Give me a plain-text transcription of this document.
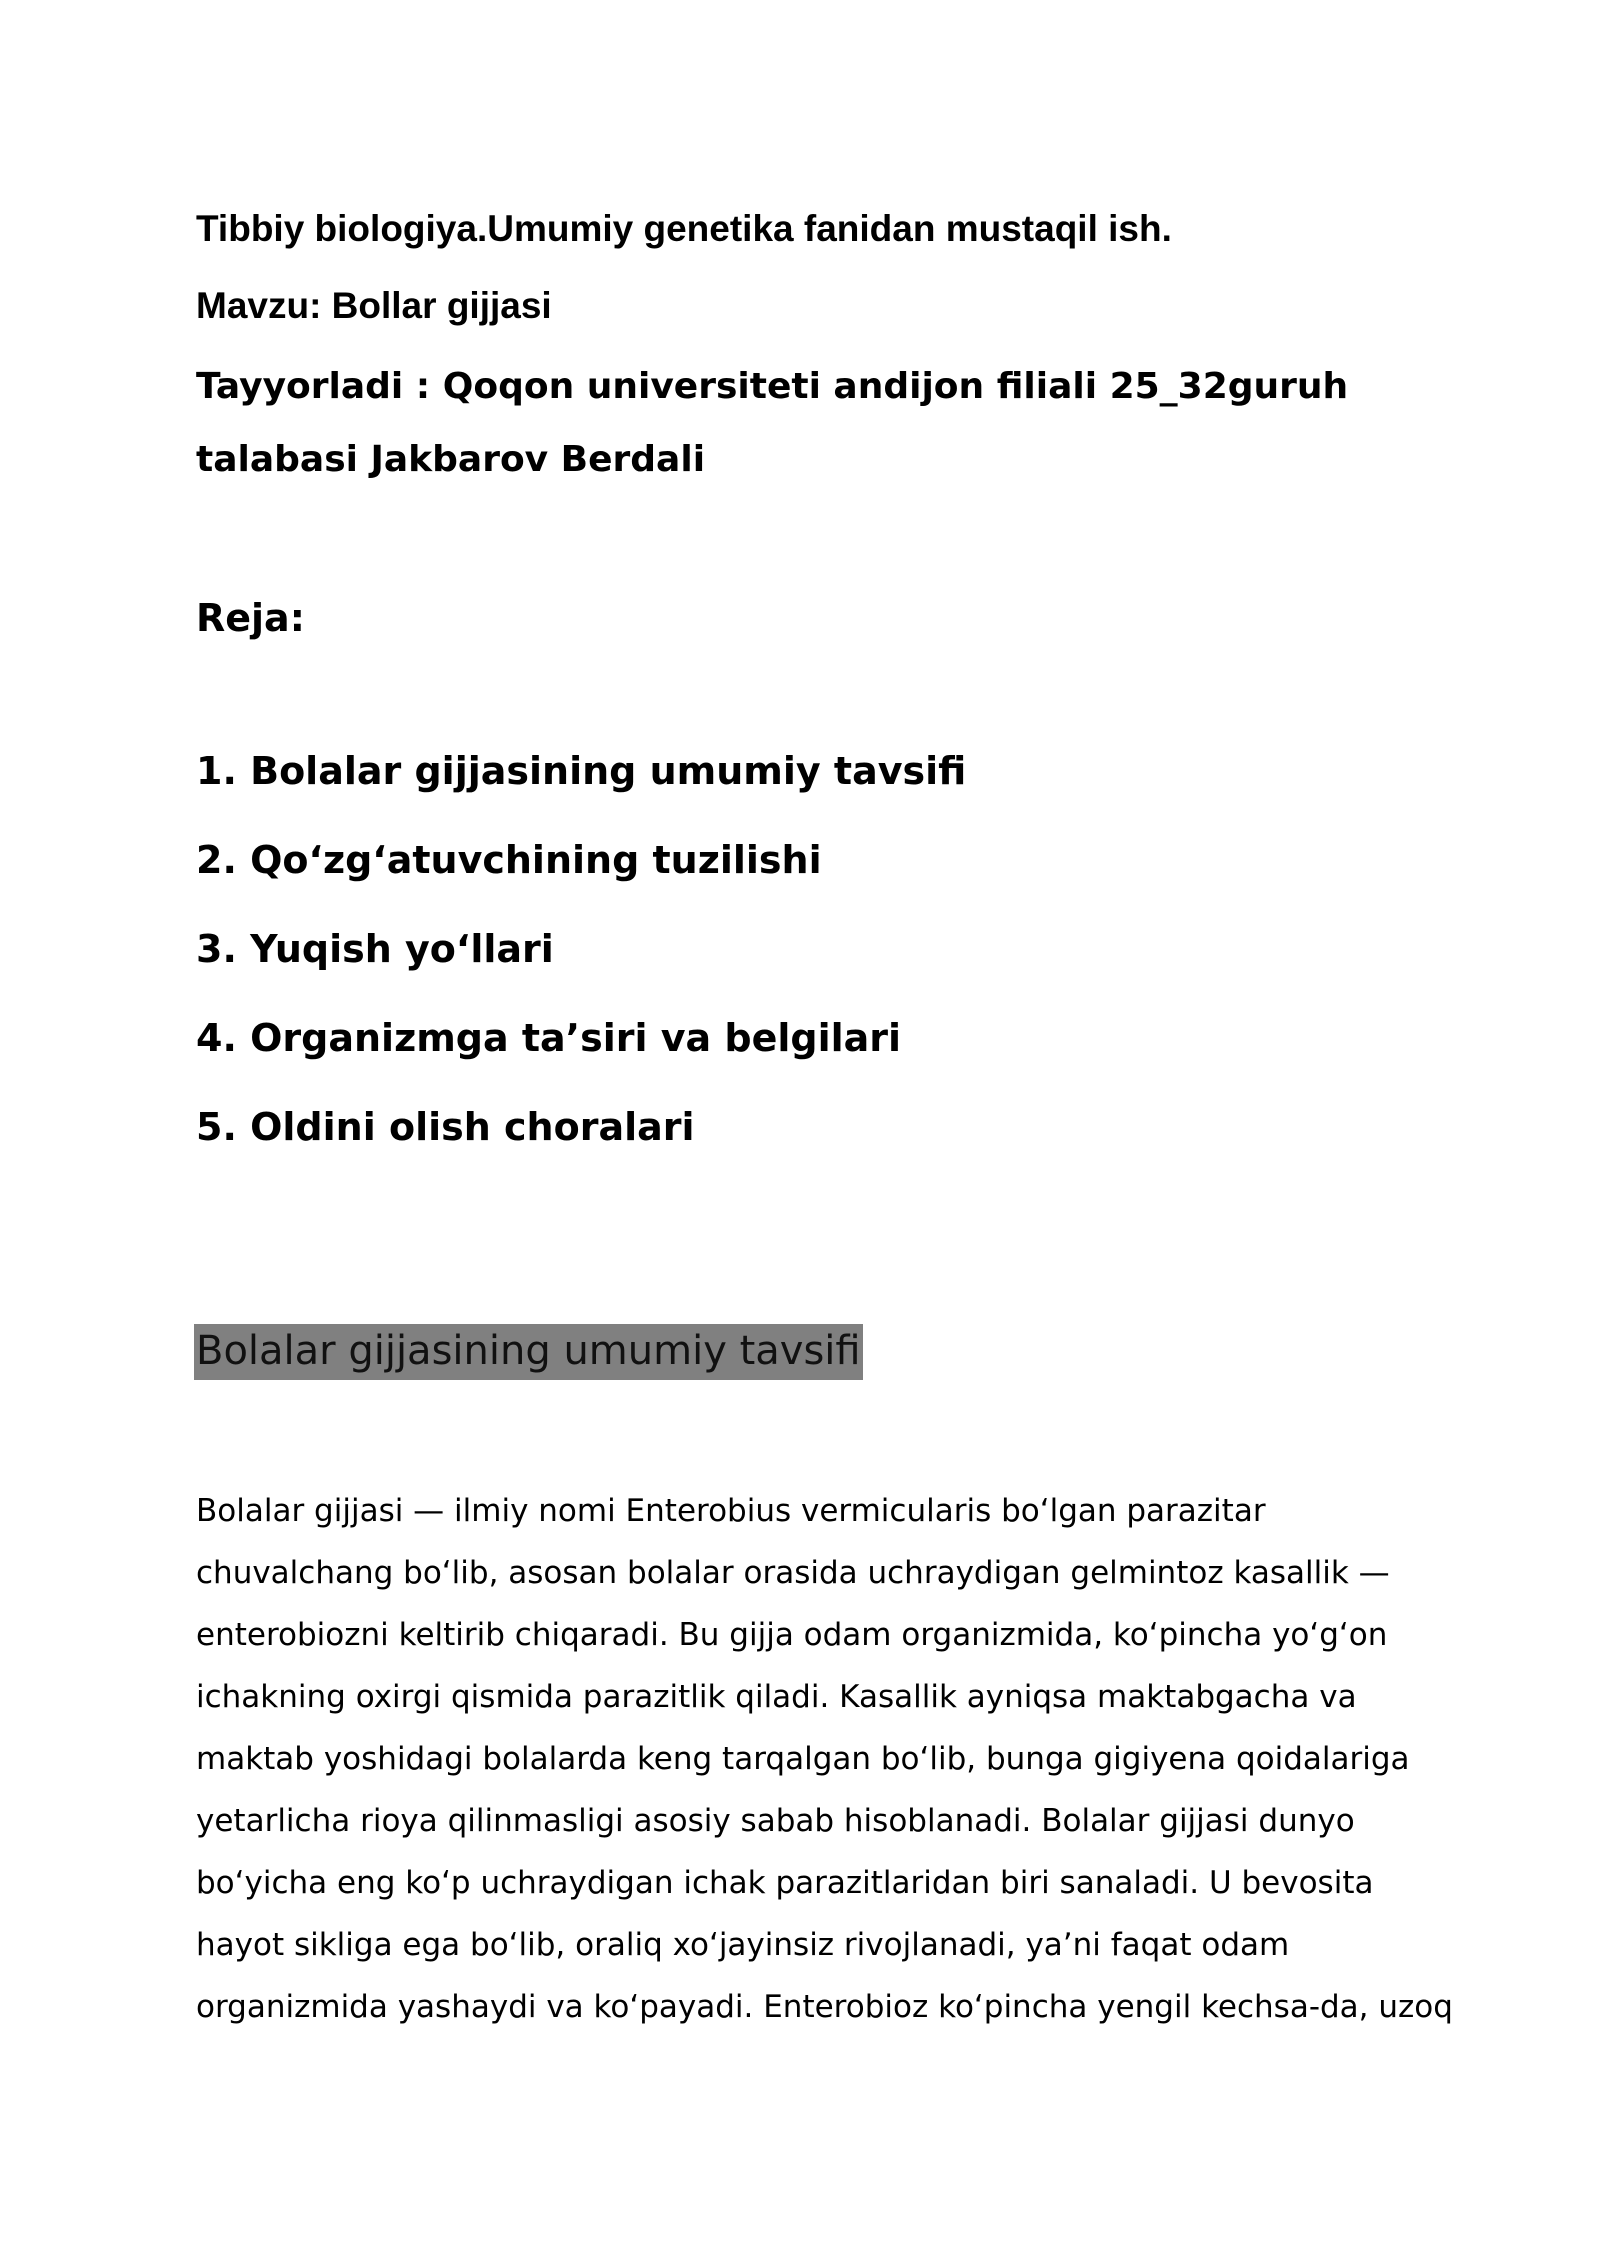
Tibbiy biologiya.Umumiy genetika fanidan mustaqil ish.
Mavzu: Bollar gijjasi
Tayyorladi : Qoqon universiteti andijon filiali 25_32guruh
talabasi Jakbarov Berdali
Reja:
1. Bolalar gijjasining umumiy tavsifi
2. Qo‘zg‘atuvchining tuzilishi
3. Yuqish yo‘llari
4. Organizmga ta’siri va belgilari
5. Oldini olish choralari
Bolalar gijjasining umumiy tavsifi
Bolalar gijjasi — ilmiy nomi Enterobius vermicularis bo‘lgan parazitar
chuvalchang bo‘lib, asosan bolalar orasida uchraydigan gelmintoz kasallik —
enterobiozni keltirib chiqaradi. Bu gijja odam organizmida, ko‘pincha yo‘g‘on
ichakning oxirgi qismida parazitlik qiladi. Kasallik ayniqsa maktabgacha va
maktab yoshidagi bolalarda keng tarqalgan bo‘lib, bunga gigiyena qoidalariga
yetarlicha rioya qilinmasligi asosiy sabab hisoblanadi. Bolalar gijjasi dunyo
bo‘yicha eng ko‘p uchraydigan ichak parazitlaridan biri sanaladi. U bevosita
hayot sikliga ega bo‘lib, oraliq xo‘jayinsiz rivojlanadi, ya’ni faqat odam
organizmida yashaydi va ko‘payadi. Enterobioz ko‘pincha yengil kechsa-da, uzoq
